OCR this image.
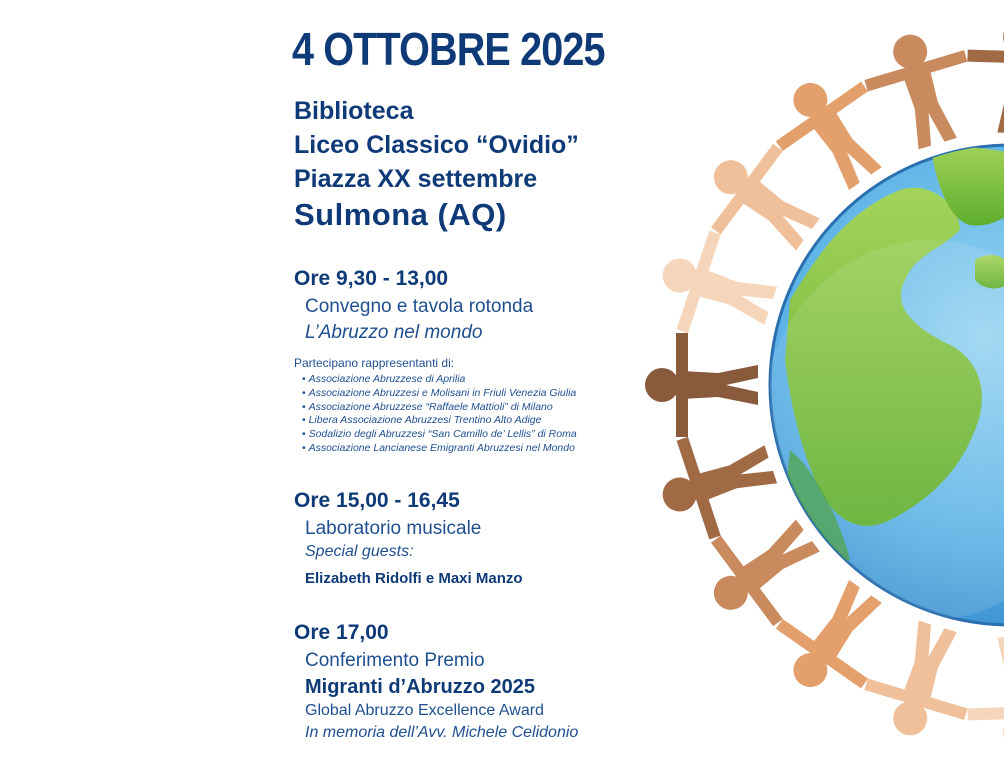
4 OTTOBRE 2025
Biblioteca
Liceo Classico “Ovidio”
Piazza XX settembre
Sulmona (AQ)
Ore 9,30 - 13,00
Convegno e tavola rotonda
L’Abruzzo nel mondo
Partecipano rappresentanti di:
• Associazione Abruzzese di Aprilia
• Associazione Abruzzesi e Molisani in Friuli Venezia Giulia
• Associazione Abruzzese “Raffaele Mattioli” di Milano
• Libera Associazione Abruzzesi Trentino Alto Adige
• Sodalizio degli Abruzzesi “San Camillo de’ Lellis” di Roma
• Associazione Lancianese Emigranti Abruzzesi nel Mondo
Ore 15,00 - 16,45
Laboratorio musicale
Special guests:
Elizabeth Ridolfi e Maxi Manzo
Ore 17,00
Conferimento Premio
Migranti d’Abruzzo 2025
Global Abruzzo Excellence Award
In memoria dell’Avv. Michele Celidonio
